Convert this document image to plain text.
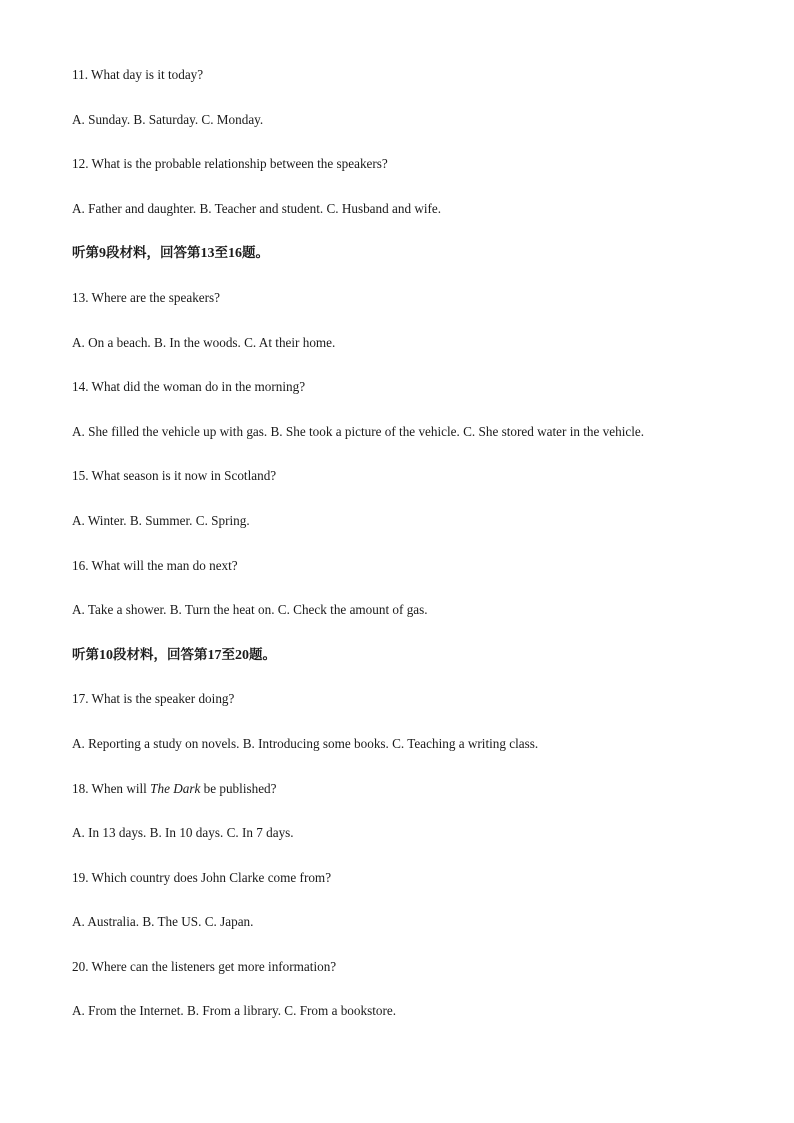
11. What day is it today?
A. Sunday. B. Saturday. C. Monday.
12. What is the probable relationship between the speakers?
A. Father and daughter. B. Teacher and student. C. Husband and wife.
听第9段材料，回答第13至16题。
13. Where are the speakers?
A. On a beach. B. In the woods. C. At their home.
14. What did the woman do in the morning?
A. She filled the vehicle up with gas. B. She took a picture of the vehicle. C. She stored water in the vehicle.
15. What season is it now in Scotland?
A. Winter. B. Summer. C. Spring.
16. What will the man do next?
A. Take a shower. B. Turn the heat on. C. Check the amount of gas.
听第10段材料，回答第17至20题。
17. What is the speaker doing?
A. Reporting a study on novels. B. Introducing some books. C. Teaching a writing class.
18. When will The Dark be published?
A. In 13 days. B. In 10 days. C. In 7 days.
19. Which country does John Clarke come from?
A. Australia. B. The US. C. Japan.
20. Where can the listeners get more information?
A. From the Internet. B. From a library. C. From a bookstore.
